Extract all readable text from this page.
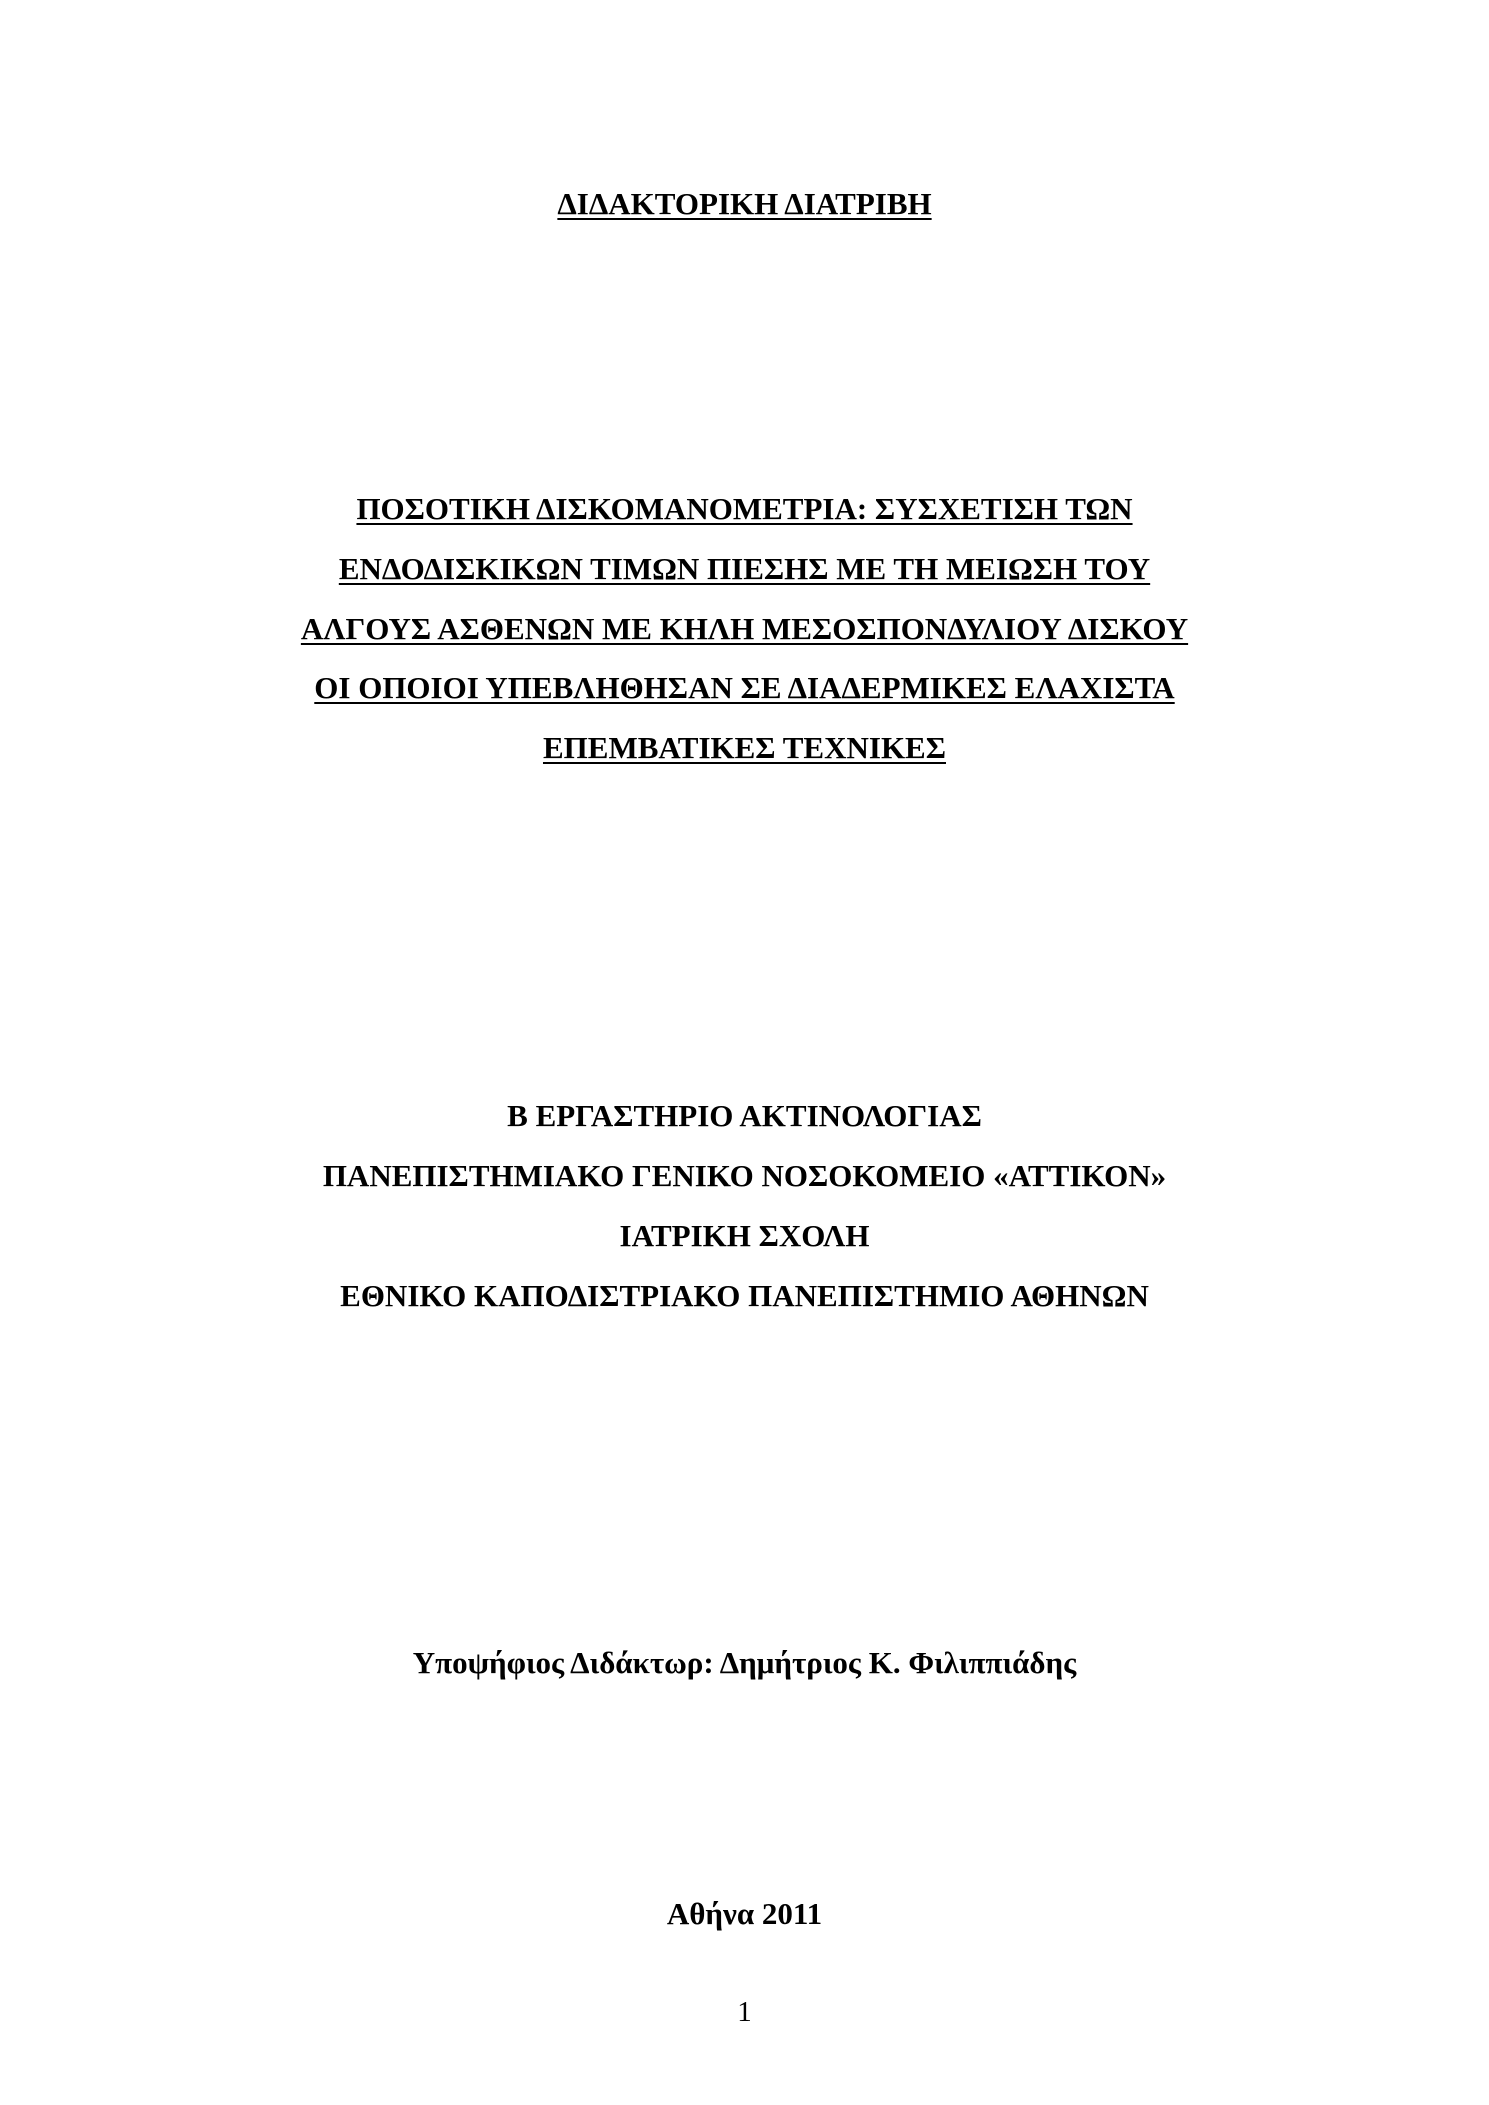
ΔΙΔΑΚΤΟΡΙΚΗ ΔΙΑΤΡΙΒΗ
ΠΟΣΟΤΙΚΗ ΔΙΣΚΟΜΑΝΟΜΕΤΡΙΑ: ΣΥΣΧΕΤΙΣΗ ΤΩΝ
ΕΝΔΟΔΙΣΚΙΚΩΝ ΤΙΜΩΝ ΠΙΕΣΗΣ ΜΕ ΤΗ ΜΕΙΩΣΗ ΤΟΥ
ΑΛΓΟΥΣ ΑΣΘΕΝΩΝ ΜΕ ΚΗΛΗ ΜΕΣΟΣΠΟΝΔΥΛΙΟΥ ΔΙΣΚΟΥ
ΟΙ ΟΠΟΙΟΙ ΥΠΕΒΛΗΘΗΣΑΝ ΣΕ ΔΙΑΔΕΡΜΙΚΕΣ ΕΛΑΧΙΣΤΑ
ΕΠΕΜΒΑΤΙΚΕΣ ΤΕΧΝΙΚΕΣ
Β ΕΡΓΑΣΤΗΡΙΟ ΑΚΤΙΝΟΛΟΓΙΑΣ
ΠΑΝΕΠΙΣΤΗΜΙΑΚΟ ΓΕΝΙΚΟ ΝΟΣΟΚΟΜΕΙΟ «ΑΤΤΙΚΟΝ»
ΙΑΤΡΙΚΗ ΣΧΟΛΗ
ΕΘΝΙΚΟ ΚΑΠΟΔΙΣΤΡΙΑΚΟ ΠΑΝΕΠΙΣΤΗΜΙΟ ΑΘΗΝΩΝ
Υποψήφιος Διδάκτωρ: Δημήτριος Κ. Φιλιππιάδης
Αθήνα 2011
1
